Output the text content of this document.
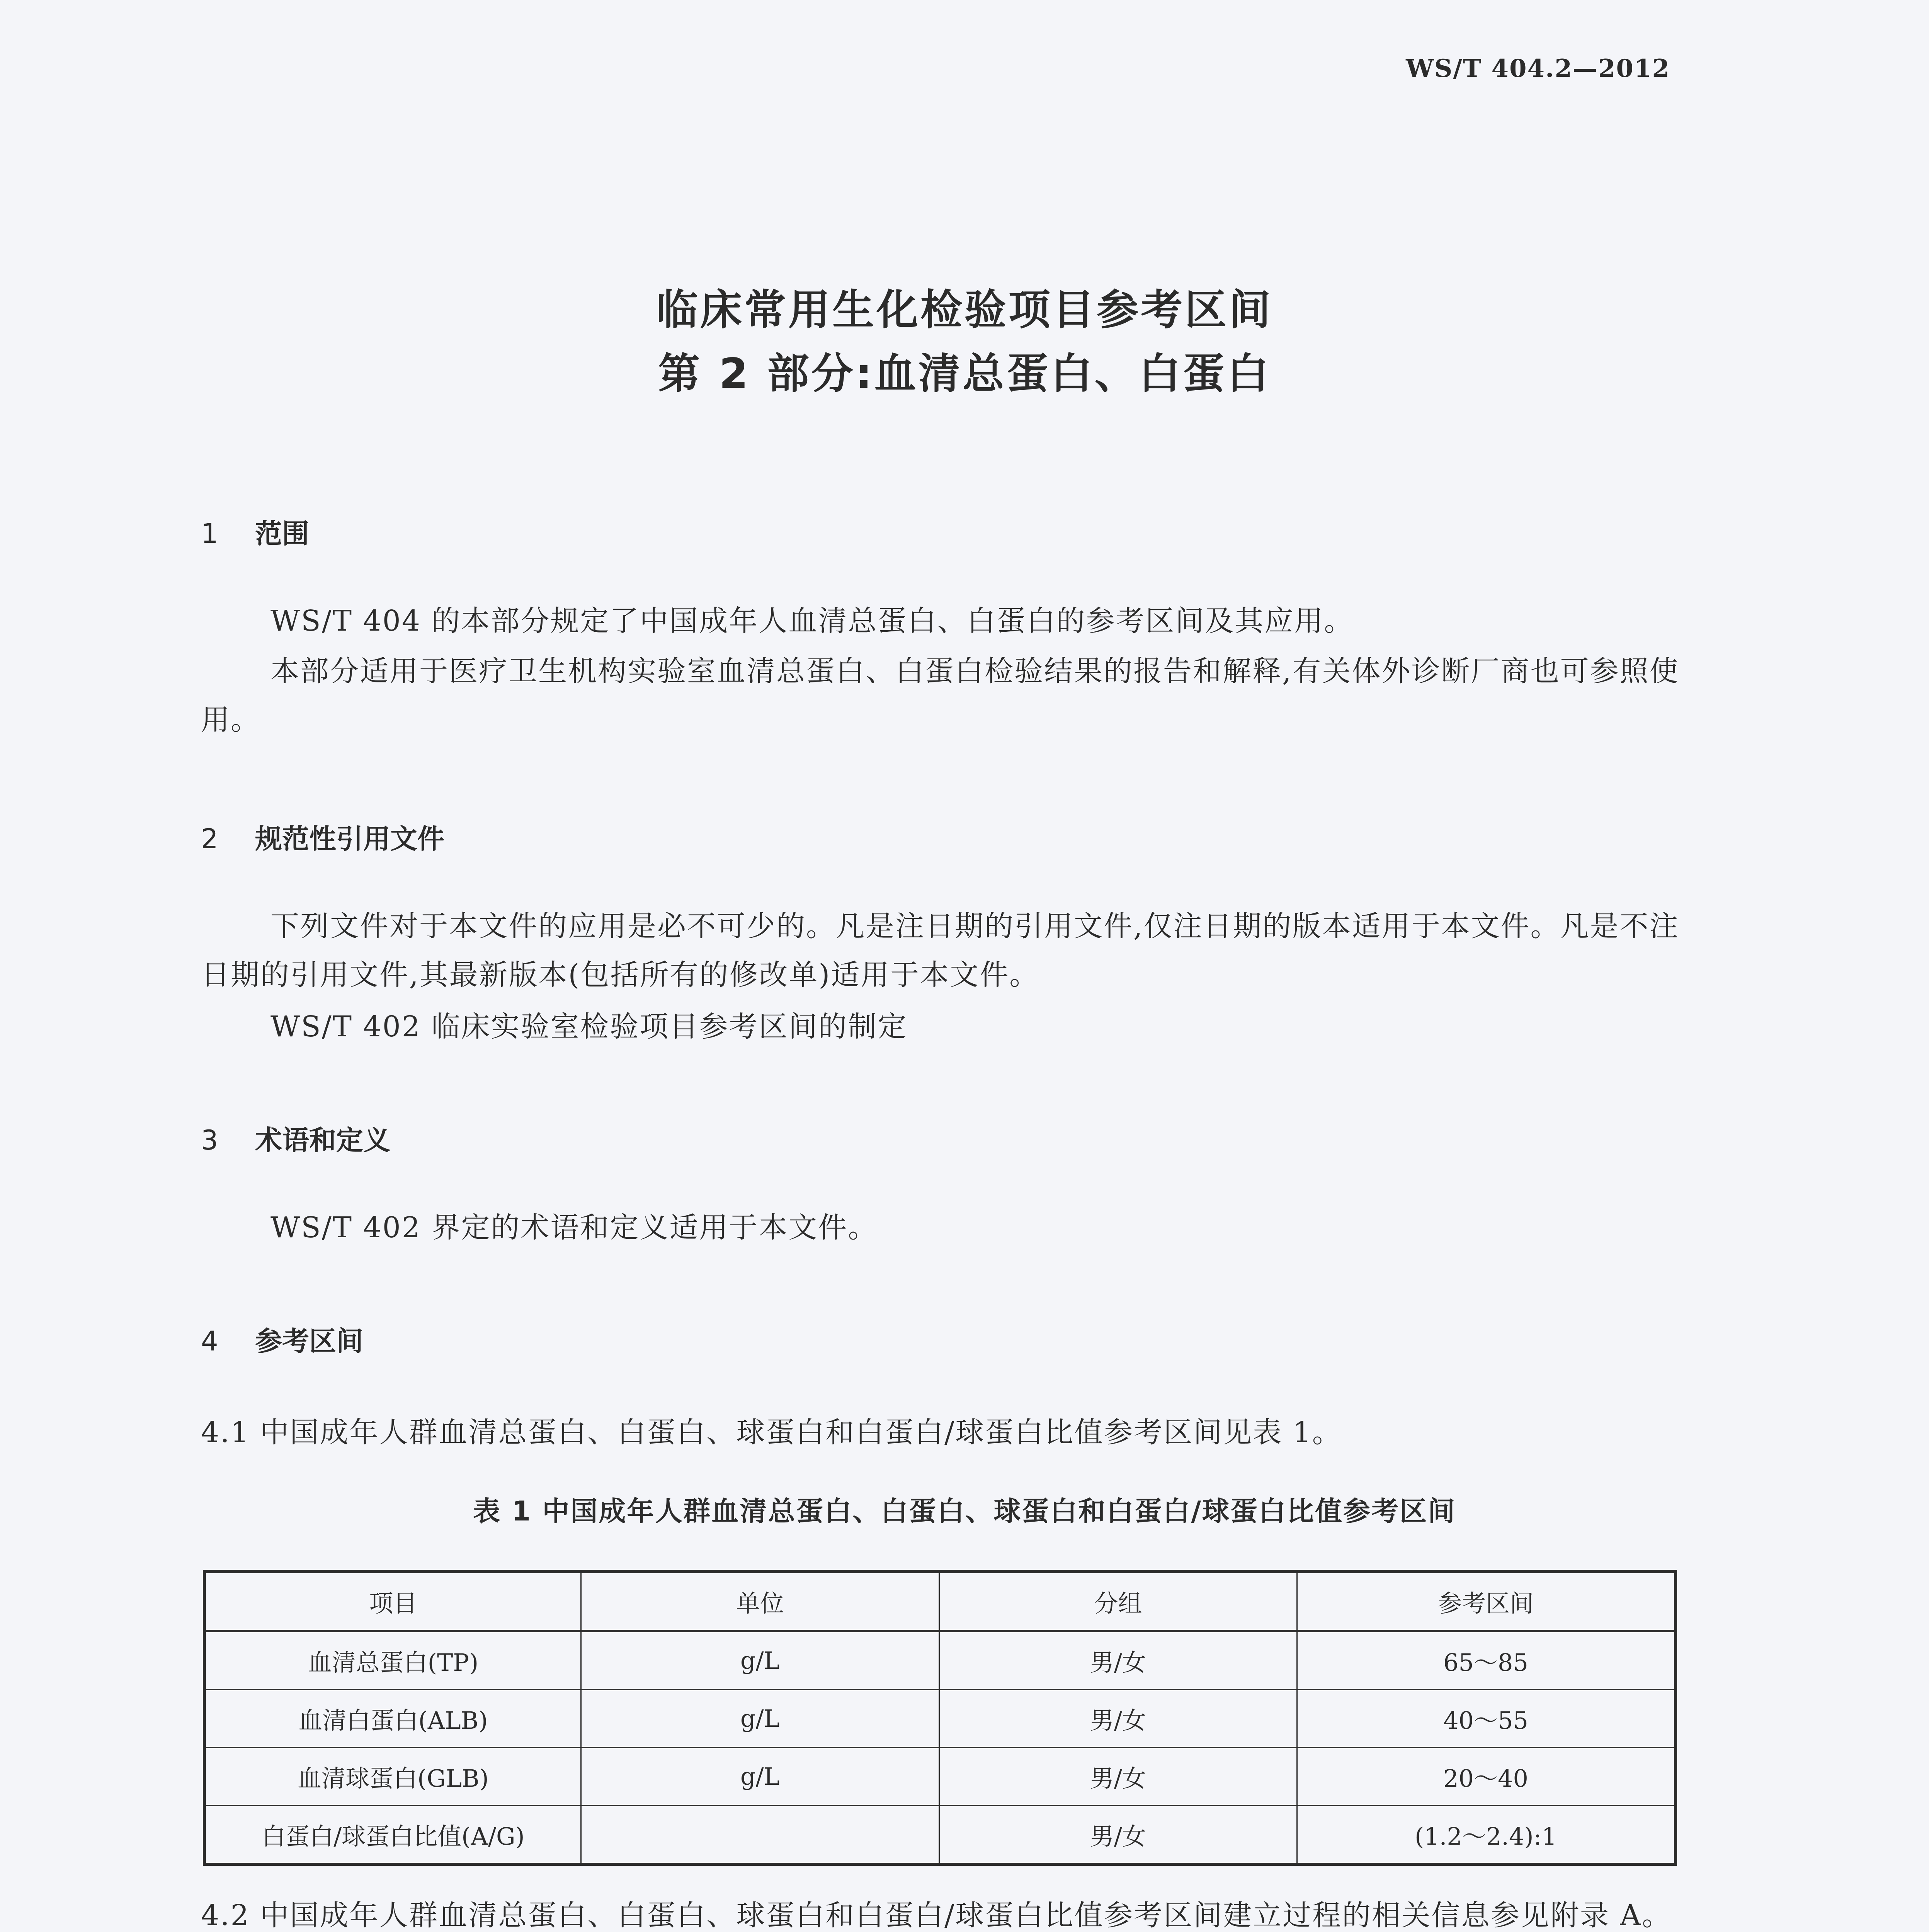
WS/T 404.2—2012
临床常用生化检验项目参考区间
第 2 部分:血清总蛋白、白蛋白
1 范围
WS/T 404 的本部分规定了中国成年人血清总蛋白、白蛋白的参考区间及其应用。
本部分适用于医疗卫生机构实验室血清总蛋白、白蛋白检验结果的报告和解释,有关体外诊断厂商也可参照使用。
2 规范性引用文件
下列文件对于本文件的应用是必不可少的。凡是注日期的引用文件,仅注日期的版本适用于本文件。凡是不注日期的引用文件,其最新版本(包括所有的修改单)适用于本文件。
WS/T 402 临床实验室检验项目参考区间的制定
3 术语和定义
WS/T 402 界定的术语和定义适用于本文件。
4 参考区间
4.1 中国成年人群血清总蛋白、白蛋白、球蛋白和白蛋白/球蛋白比值参考区间见表 1。
表 1 中国成年人群血清总蛋白、白蛋白、球蛋白和白蛋白/球蛋白比值参考区间
项目	单位	分组	参考区间
血清总蛋白(TP)	g/L	男/女	65～85
血清白蛋白(ALB)	g/L	男/女	40～55
血清球蛋白(GLB)	g/L	男/女	20～40
白蛋白/球蛋白比值(A/G)		男/女	(1.2～2.4):1
4.2 中国成年人群血清总蛋白、白蛋白、球蛋白和白蛋白/球蛋白比值参考区间建立过程的相关信息参见附录 A。
